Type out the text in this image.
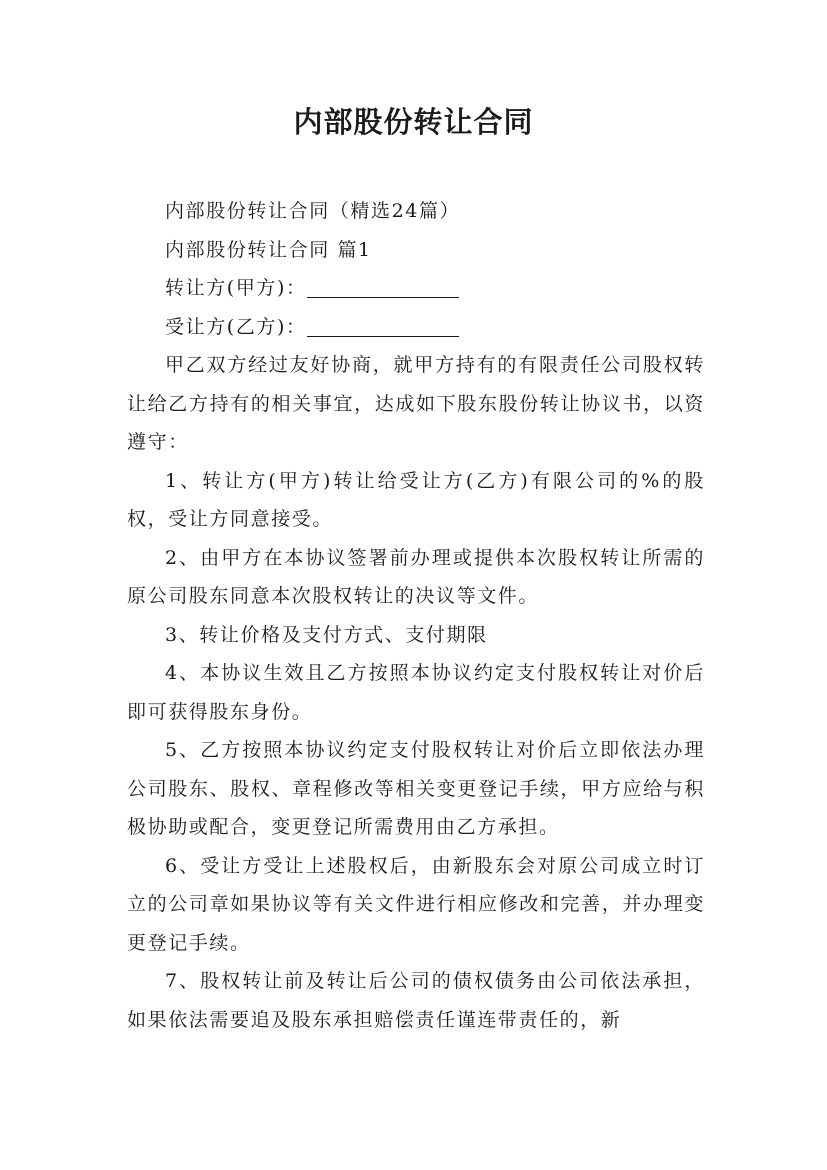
内部股份转让合同

内部股份转让合同（精选24篇）

内部股份转让合同 篇1

转让方(甲方)：

受让方(乙方)：

甲乙双方经过友好协商，就甲方持有的有限责任公司股权转让给乙方持有的相关事宜，达成如下股东股份转让协议书，以资遵守：

1、转让方(甲方)转让给受让方(乙方)有限公司的%的股权，受让方同意接受。

2、由甲方在本协议签署前办理或提供本次股权转让所需的原公司股东同意本次股权转让的决议等文件。

3、转让价格及支付方式、支付期限

4、本协议生效且乙方按照本协议约定支付股权转让对价后即可获得股东身份。

5、乙方按照本协议约定支付股权转让对价后立即依法办理公司股东、股权、章程修改等相关变更登记手续，甲方应给与积极协助或配合，变更登记所需费用由乙方承担。

6、受让方受让上述股权后，由新股东会对原公司成立时订立的公司章如果协议等有关文件进行相应修改和完善，并办理变更登记手续。

7、股权转让前及转让后公司的债权债务由公司依法承担，如果依法需要追及股东承担赔偿责任谨连带责任的，新
